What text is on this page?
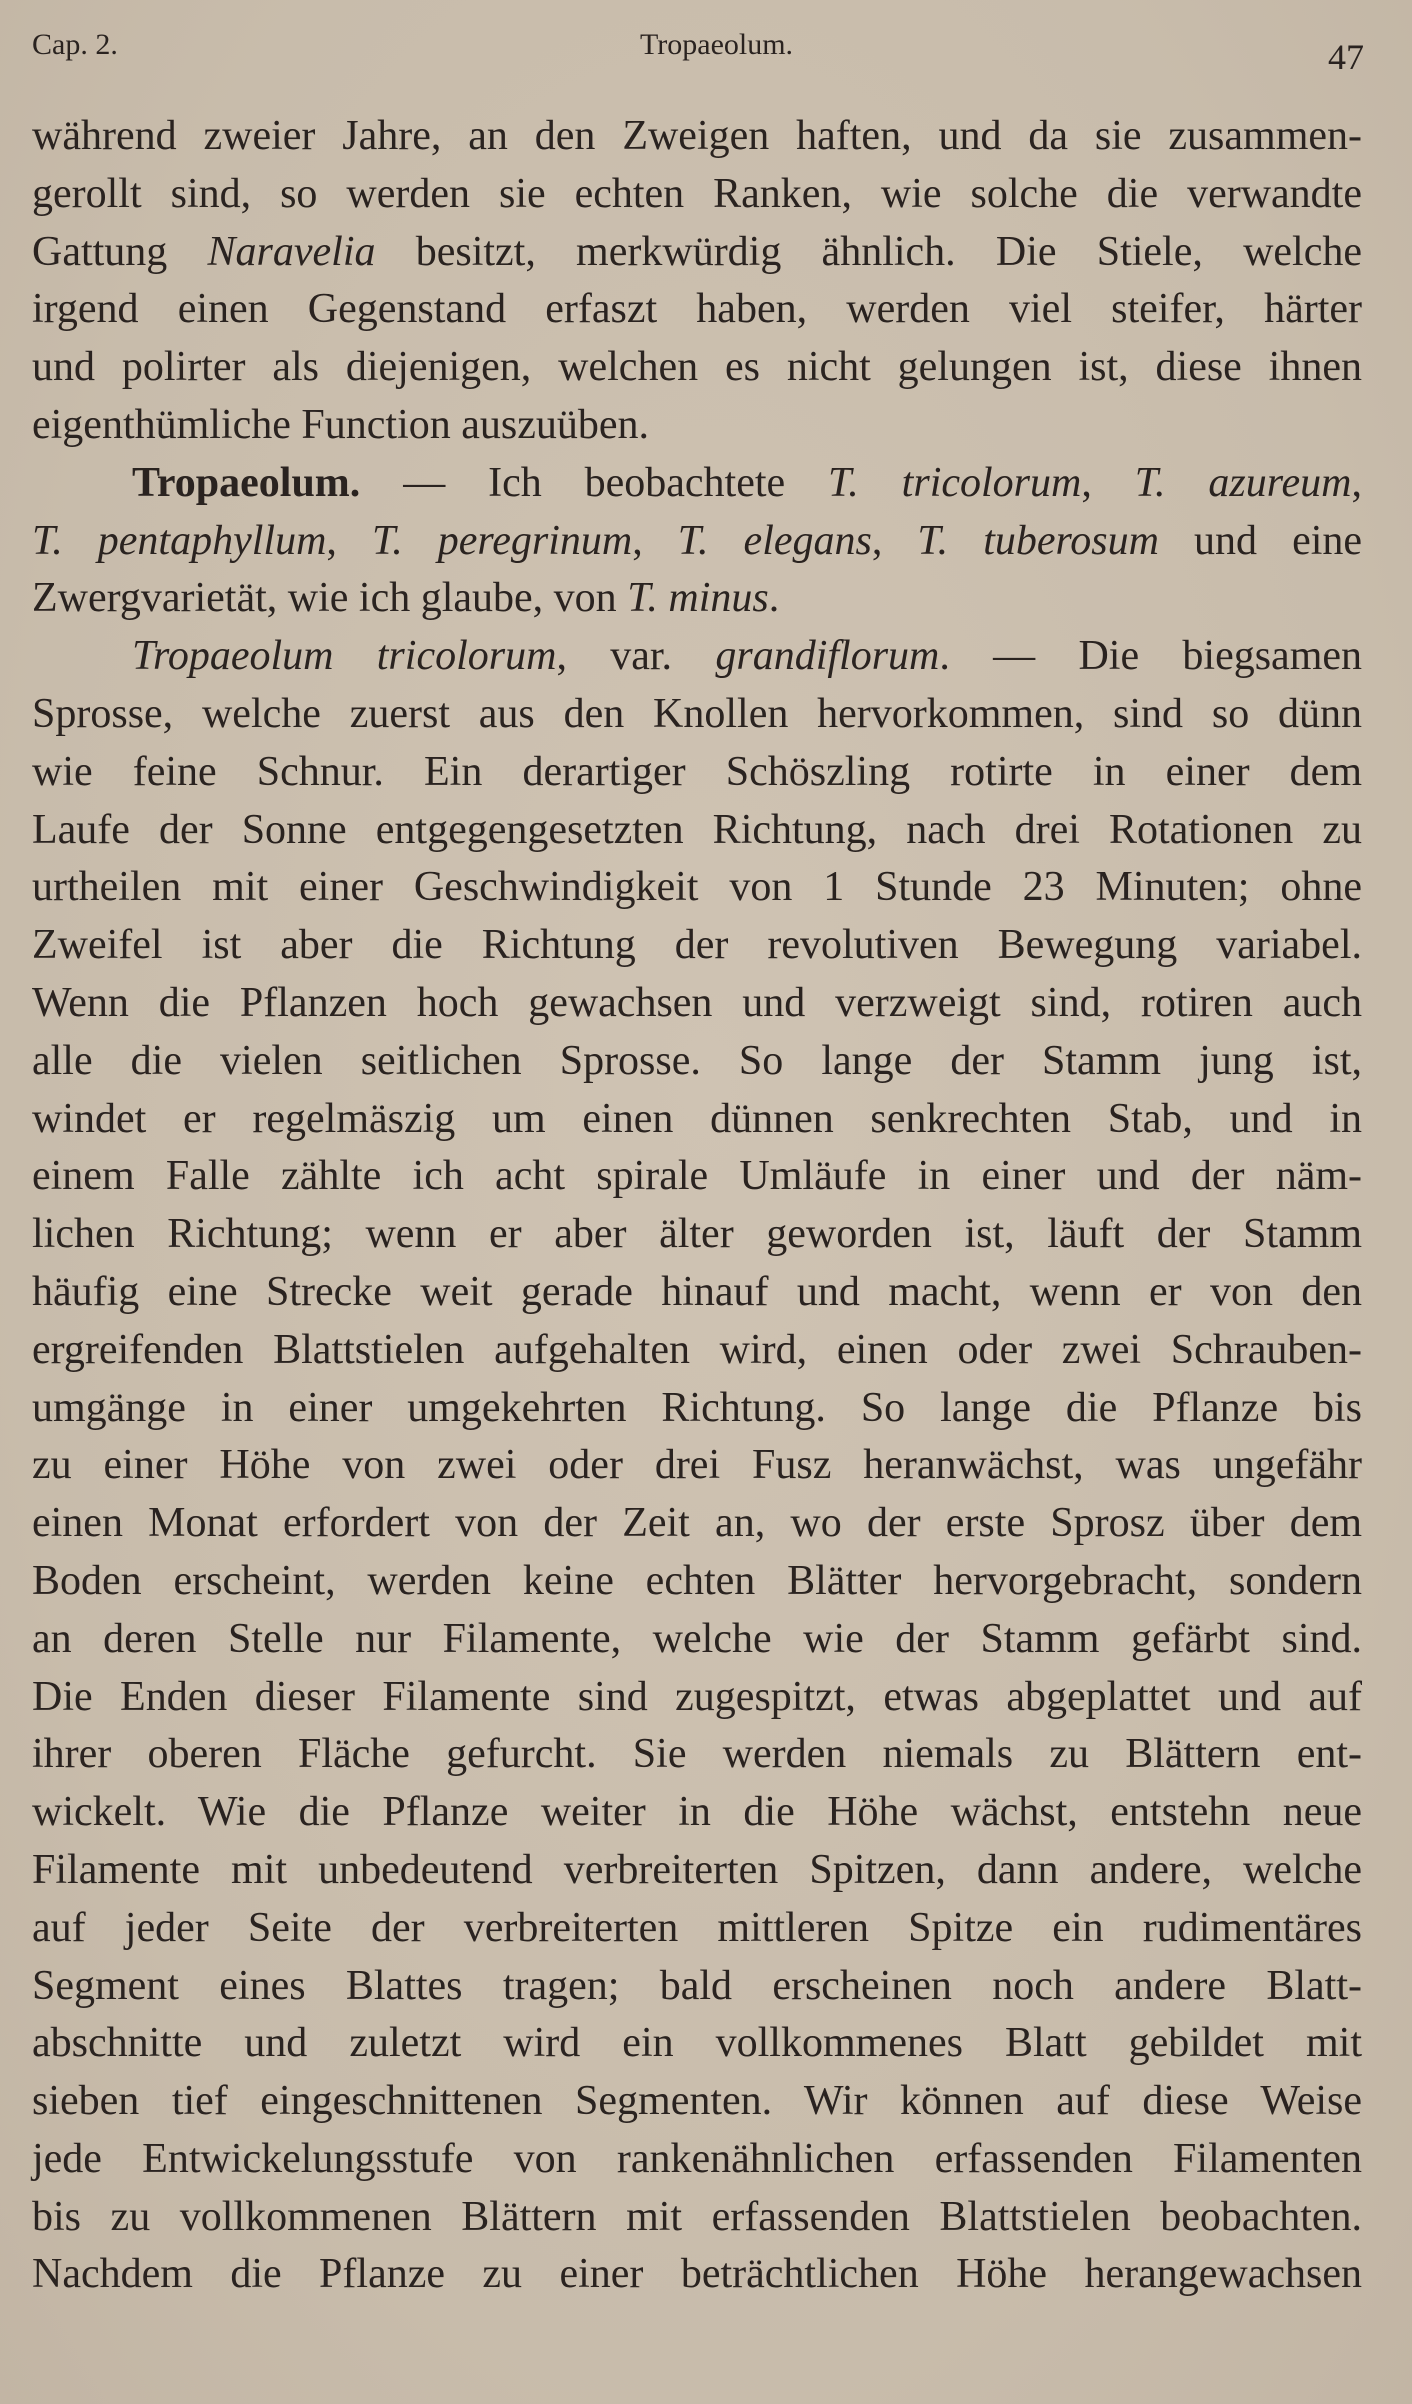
Cap. 2.	Tropaeolum.	47
während zweier Jahre, an den Zweigen haften, und da sie zusammen-
gerollt sind, so werden sie echten Ranken, wie solche die verwandte
Gattung Naravelia besitzt, merkwürdig ähnlich. Die Stiele, welche
irgend einen Gegenstand erfaszt haben, werden viel steifer, härter
und polirter als diejenigen, welchen es nicht gelungen ist, diese ihnen
eigenthümliche Function auszuüben.
Tropaeolum. — Ich beobachtete T. tricolorum, T. azureum,
T. pentaphyllum, T. peregrinum, T. elegans, T. tuberosum und eine
Zwergvarietät, wie ich glaube, von T. minus.
Tropaeolum tricolorum, var. grandiflorum. — Die biegsamen
Sprosse, welche zuerst aus den Knollen hervorkommen, sind so dünn
wie feine Schnur. Ein derartiger Schöszling rotirte in einer dem
Laufe der Sonne entgegengesetzten Richtung, nach drei Rotationen zu
urtheilen mit einer Geschwindigkeit von 1 Stunde 23 Minuten; ohne
Zweifel ist aber die Richtung der revolutiven Bewegung variabel.
Wenn die Pflanzen hoch gewachsen und verzweigt sind, rotiren auch
alle die vielen seitlichen Sprosse. So lange der Stamm jung ist,
windet er regelmäszig um einen dünnen senkrechten Stab, und in
einem Falle zählte ich acht spirale Umläufe in einer und der näm-
lichen Richtung; wenn er aber älter geworden ist, läuft der Stamm
häufig eine Strecke weit gerade hinauf und macht, wenn er von den
ergreifenden Blattstielen aufgehalten wird, einen oder zwei Schrauben-
umgänge in einer umgekehrten Richtung. So lange die Pflanze bis
zu einer Höhe von zwei oder drei Fusz heranwächst, was ungefähr
einen Monat erfordert von der Zeit an, wo der erste Sprosz über dem
Boden erscheint, werden keine echten Blätter hervorgebracht, sondern
an deren Stelle nur Filamente, welche wie der Stamm gefärbt sind.
Die Enden dieser Filamente sind zugespitzt, etwas abgeplattet und auf
ihrer oberen Fläche gefurcht. Sie werden niemals zu Blättern ent-
wickelt. Wie die Pflanze weiter in die Höhe wächst, entstehn neue
Filamente mit unbedeutend verbreiterten Spitzen, dann andere, welche
auf jeder Seite der verbreiterten mittleren Spitze ein rudimentäres
Segment eines Blattes tragen; bald erscheinen noch andere Blatt-
abschnitte und zuletzt wird ein vollkommenes Blatt gebildet mit
sieben tief eingeschnittenen Segmenten. Wir können auf diese Weise
jede Entwickelungsstufe von rankenähnlichen erfassenden Filamenten
bis zu vollkommenen Blättern mit erfassenden Blattstielen beobachten.
Nachdem die Pflanze zu einer beträchtlichen Höhe herangewachsen
